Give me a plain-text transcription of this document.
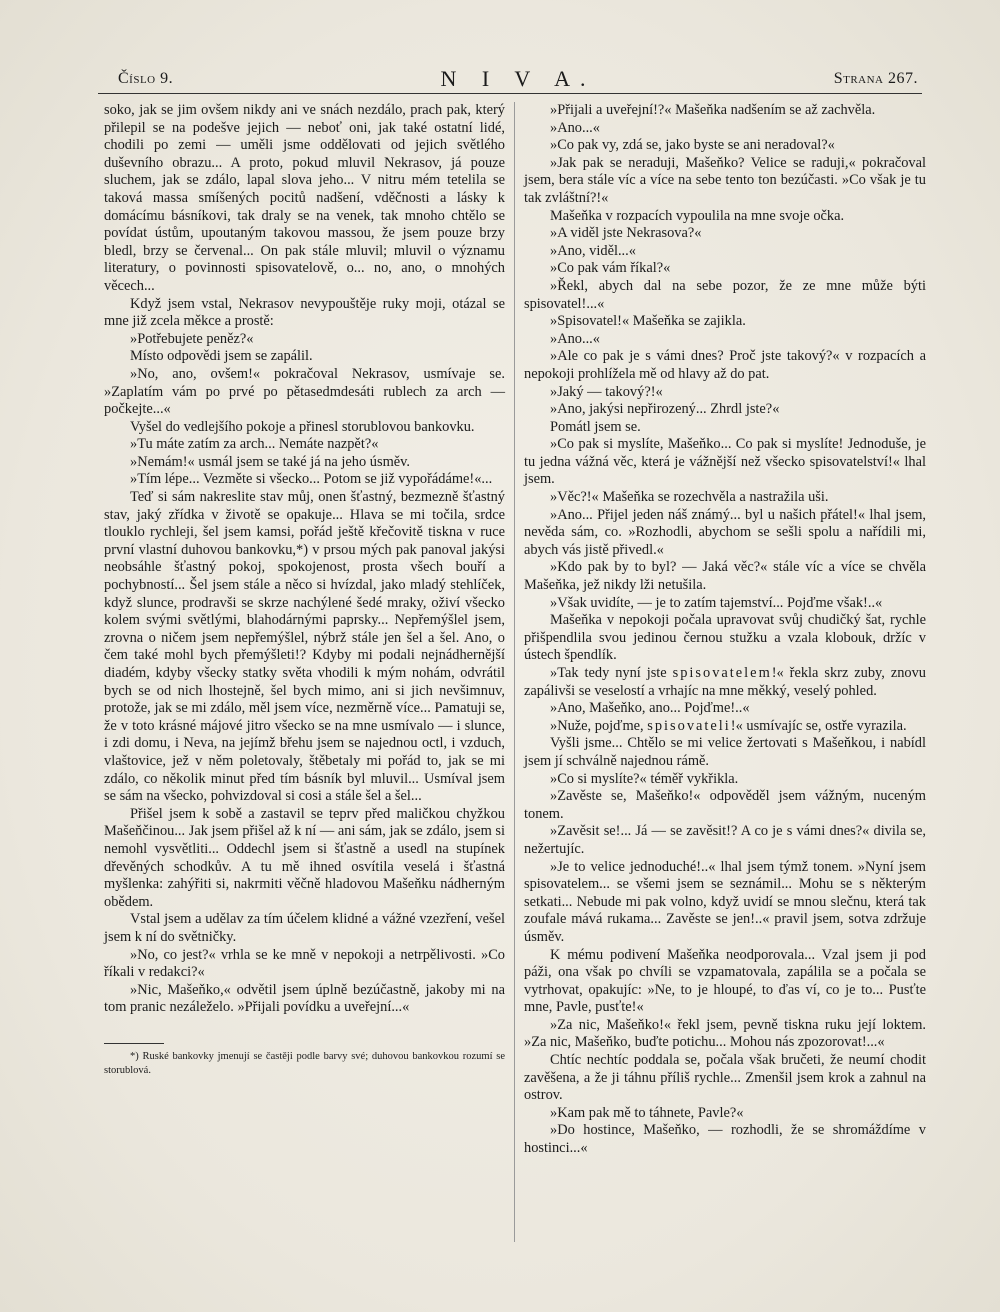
Číslo 9.	N I V A.	Strana 267.

soko, jak se jim ovšem nikdy ani ve snách nezdálo, prach pak, který přilepil se na podešve jejich — neboť oni, jak také ostatní lidé, chodili po zemi — uměli jsme oddělovati od jejich světlého duševního obrazu... A proto, pokud mluvil Nekrasov, já pouze sluchem, jak se zdálo, lapal slova jeho... V nitru mém tetelila se taková massa smíšených pocitů nadšení, vděčnosti a lásky k domácímu básníkovi, tak draly se na venek, tak mnoho chtělo se povídat ústům, upoutaným takovou massou, že jsem pouze brzy bledl, brzy se červenal... On pak stále mluvil; mluvil o významu literatury, o povinnosti spisovatelově, o... no, ano, o mnohých věcech...

Když jsem vstal, Nekrasov nevypouštěje ruky moji, otázal se mne již zcela měkce a prostě:

»Potřebujete peněz?«

Místo odpovědi jsem se zapálil.

»No, ano, ovšem!« pokračoval Nekrasov, usmívaje se. »Zaplatím vám po prvé po pětasedmdesáti rublech za arch — počkejte...«

Vyšel do vedlejšího pokoje a přinesl storublovou bankovku.

»Tu máte zatím za arch... Nemáte nazpět?«

»Nemám!« usmál jsem se také já na jeho úsměv.

»Tím lépe... Vezměte si všecko... Potom se již vypořádáme!«...

Teď si sám nakreslite stav můj, onen šťastný, bezmezně šťastný stav, jaký zřídka v životě se opakuje... Hlava se mi točila, srdce tlouklo rychleji, šel jsem kamsi, pořád ještě křečovitě tiskna v ruce první vlastní duhovou bankovku,*) v prsou mých pak panoval jakýsi neobsáhle šťastný pokoj, spokojenost, prosta všech bouří a pochybností... Šel jsem stále a něco si hvízdal, jako mladý stehlíček, když slunce, prodravši se skrze nachýlené šedé mraky, oživí všecko kolem svými světlými, blahodárnými paprsky... Nepřemýšlel jsem, zrovna o ničem jsem nepřemýšlel, nýbrž stále jen šel a šel. Ano, o čem také mohl bych přemýšleti!? Kdyby mi podali nejnádhernější diadém, kdyby všecky statky světa vhodili k mým nohám, odvrátil bych se od nich lhostejně, šel bych mimo, ani si jich nevšimnuv, protože, jak se mi zdálo, měl jsem více, nezměrně více... Pamatuji se, že v toto krásné májové jitro všecko se na mne usmívalo — i slunce, i zdi domu, i Neva, na jejímž břehu jsem se najednou octl, i vzduch, vlaštovice, jež v něm poletovaly, štěbetaly mi pořád to, jak se mi zdálo, co několik minut před tím básník byl mluvil... Usmíval jsem se sám na všecko, pohvizdoval si cosi a stále šel a šel...

Přišel jsem k sobě a zastavil se teprv před maličkou chyžkou Mašeňčinou... Jak jsem přišel až k ní — ani sám, jak se zdálo, jsem si nemohl vysvětliti... Oddechl jsem si šťastně a usedl na stupínek dřevěných schodkův. A tu mě ihned osvítila veselá i šťastná myšlenka: zahýřiti si, nakrmiti věčně hladovou Mašeňku nádherným obědem.

Vstal jsem a udělav za tím účelem klidné a vážné vzezření, vešel jsem k ní do světničky.

»No, co jest?« vrhla se ke mně v nepokoji a netrpělivosti. »Co říkali v redakci?«

»Nic, Mašeňko,« odvětil jsem úplně bezúčastně, jakoby mi na tom pranic nezáleželo. »Přijali povídku a uveřejní...«

*) Ruské bankovky jmenují se častěji podle barvy své; duhovou bankovkou rozumí se storublová.

»Přijali a uveřejní!?« Mašeňka nadšením se až zachvěla.

»Ano...«

»Co pak vy, zdá se, jako byste se ani neradoval?«

»Jak pak se neraduji, Mašeňko? Velice se raduji,« pokračoval jsem, bera stále víc a více na sebe tento ton bezúčasti. »Co však je tu tak zvláštní?!«

Mašeňka v rozpacích vypoulila na mne svoje očka.

»A viděl jste Nekrasova?«

»Ano, viděl...«

»Co pak vám říkal?«

»Řekl, abych dal na sebe pozor, že ze mne může býti spisovatel!...«

»Spisovatel!« Mašeňka se zajikla.

»Ano...«

»Ale co pak je s vámi dnes? Proč jste takový?« v rozpacích a nepokoji prohlížela mě od hlavy až do pat.

»Jaký — takový?!«

»Ano, jakýsi nepřirozený... Zhrdl jste?«

Pomátl jsem se.

»Co pak si myslíte, Mašeňko... Co pak si myslíte! Jednoduše, je tu jedna vážná věc, která je vážnější než všecko spisovatelství!« lhal jsem.

»Věc?!« Mašeňka se rozechvěla a nastražila uši.

»Ano... Přijel jeden náš známý... byl u našich přátel!« lhal jsem, nevěda sám, co. »Rozhodli, abychom se sešli spolu a nařídili mi, abych vás jistě přivedl.«

»Kdo pak by to byl? — Jaká věc?« stále víc a více se chvěla Mašeňka, jež nikdy lži netušila.

»Však uvidíte, — je to zatím tajemství... Pojďme však!..«

Mašeňka v nepokoji počala upravovat svůj chudičký šat, rychle přišpendlila svou jedinou černou stužku a vzala klobouk, držíc v ústech špendlík.

»Tak tedy nyní jste spisovatelem!« řekla skrz zuby, znovu zapálivši se veselostí a vrhajíc na mne měkký, veselý pohled.

»Ano, Mašeňko, ano... Pojďme!..«

»Nuže, pojďme, spisovateli!« usmívajíc se, ostře vyrazila.

Vyšli jsme... Chtělo se mi velice žertovati s Mašeňkou, i nabídl jsem jí schválně najednou rámě.

»Co si myslíte?« téměř vykřikla.

»Zavěste se, Mašeňko!« odpověděl jsem vážným, nuceným tonem.

»Zavěsit se!... Já — se zavěsit!? A co je s vámi dnes?« divila se, nežertujíc.

»Je to velice jednoduché!..« lhal jsem týmž tonem. »Nyní jsem spisovatelem... se všemi jsem se seznámil... Mohu se s některým setkati... Nebude mi pak volno, když uvidí se mnou slečnu, která tak zoufale mává rukama... Zavěste se jen!..« pravil jsem, sotva zdržuje úsměv.

K mému podivení Mašeňka neodporovala... Vzal jsem ji pod páži, ona však po chvíli se vzpamatovala, zapálila se a počala se vytrhovat, opakujíc: »Ne, to je hloupé, to ďas ví, co je to... Pusťte mne, Pavle, pusťte!«

»Za nic, Mašeňko!« řekl jsem, pevně tiskna ruku její loktem. »Za nic, Mašeňko, buďte potichu... Mohou nás zpozorovat!...«

Chtíc nechtíc poddala se, počala však bručeti, že neumí chodit zavěšena, a že ji táhnu příliš rychle... Zmenšil jsem krok a zahnul na ostrov.

»Kam pak mě to táhnete, Pavle?«

»Do hostince, Mašeňko, — rozhodli, že se shromáždíme v hostinci...«
